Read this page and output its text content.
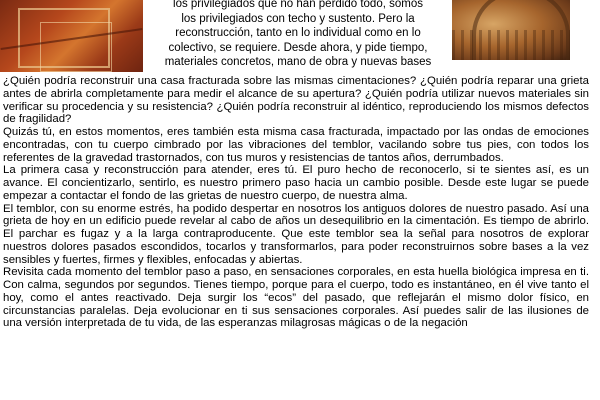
los privilegiados que no han perdido todo, somos
los privilegiados con techo y sustento. Pero la
reconstrucción, tanto en lo individual como en lo
colectivo, se requiere. Desde ahora, y pide tiempo,
materiales concretos, mano de obra y nuevas bases

¿Quién podría reconstruir una casa fracturada sobre las mismas cimentaciones? ¿Quién podría reparar una grieta antes de abrirla completamente para medir el alcance de su apertura? ¿Quién podría utilizar nuevos materiales sin verificar su procedencia y su resistencia? ¿Quién podría reconstruir al idéntico, reproduciendo los mismos defectos de fragilidad?

Quizás tú, en estos momentos, eres también esta misma casa fracturada, impactado por las ondas de emociones encontradas, con tu cuerpo cimbrado por las vibraciones del temblor, vacilando sobre tus pies, con todos los referentes de la gravedad trastornados, con tus muros y resistencias de tantos años, derrumbados.

La primera casa y reconstrucción para atender, eres tú. El puro hecho de reconocerlo, si te sientes así, es un avance. El concientizarlo, sentirlo, es nuestro primero paso hacia un cambio posible. Desde este lugar se puede empezar a contactar el fondo de las grietas de nuestro cuerpo, de nuestra alma.

El temblor, con su enorme estrés, ha podido despertar en nosotros los antiguos dolores de nuestro pasado. Así una grieta de hoy en un edificio puede revelar al cabo de años un desequilibrio en la cimentación. Es tiempo de abrirlo. El parchar es fugaz y a la larga contraproducente. Que este temblor sea la señal para nosotros de explorar nuestros dolores pasados escondidos, tocarlos y transformarlos, para poder reconstruirnos sobre bases a la vez sensibles y fuertes, firmes y flexibles, enfocadas y abiertas.

Revisita cada momento del temblor paso a paso, en sensaciones corporales, en esta huella biológica impresa en ti. Con calma, segundos por segundos. Tienes tiempo, porque para el cuerpo, todo es instantáneo, en él vive tanto el hoy, como el antes reactivado. Deja surgir los “ecos” del pasado, que reflejarán el mismo dolor físico, en circunstancias paralelas. Deja evolucionar en ti sus sensaciones corporales. Así puedes salir de las ilusiones de una versión interpretada de tu vida, de las esperanzas milagrosas mágicas o de la negación
